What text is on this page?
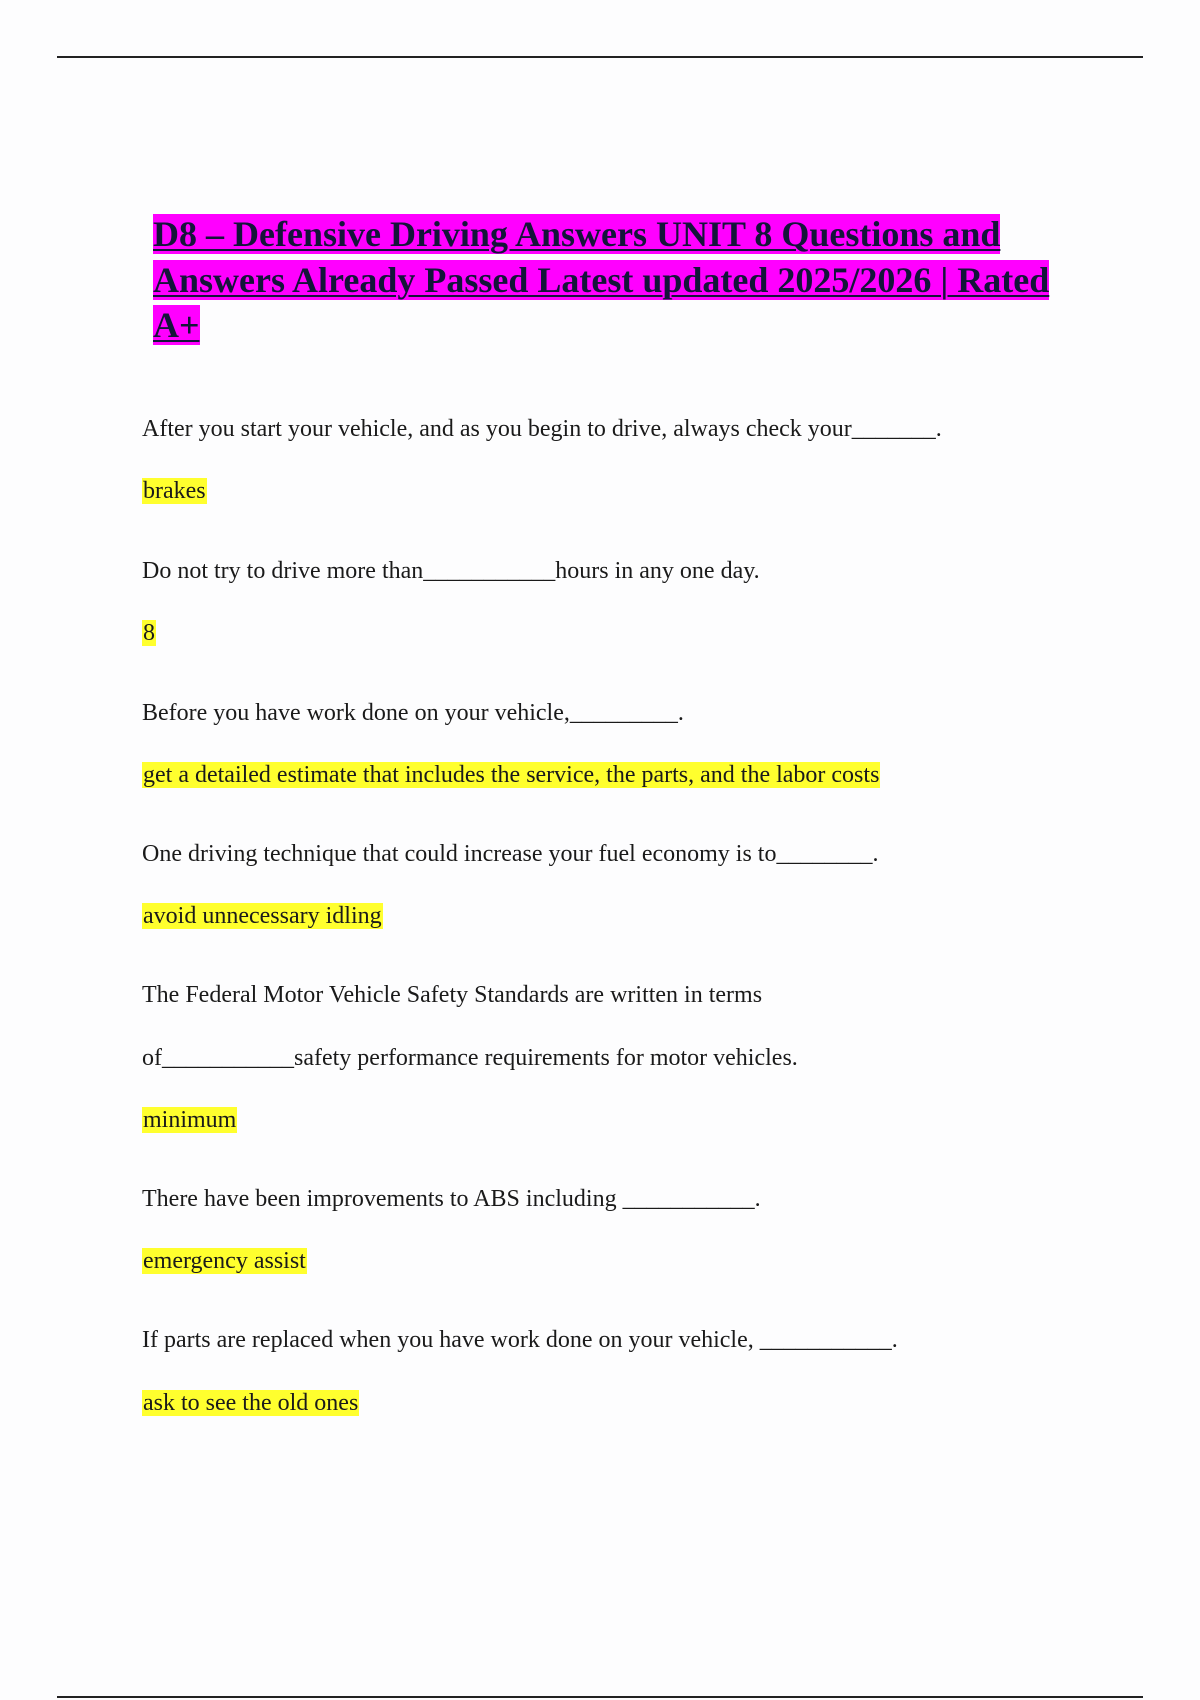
D8 – Defensive Driving Answers UNIT 8 Questions and Answers Already Passed Latest updated 2025/2026 | Rated A+
After you start your vehicle, and as you begin to drive, always check your_______.
brakes
Do not try to drive more than___________hours in any one day.
8
Before you have work done on your vehicle,_________.
get a detailed estimate that includes the service, the parts, and the labor costs
One driving technique that could increase your fuel economy is to________.
avoid unnecessary idling
The Federal Motor Vehicle Safety Standards are written in terms
of___________safety performance requirements for motor vehicles.
minimum
There have been improvements to ABS including ___________.
emergency assist
If parts are replaced when you have work done on your vehicle, ___________.
ask to see the old ones
